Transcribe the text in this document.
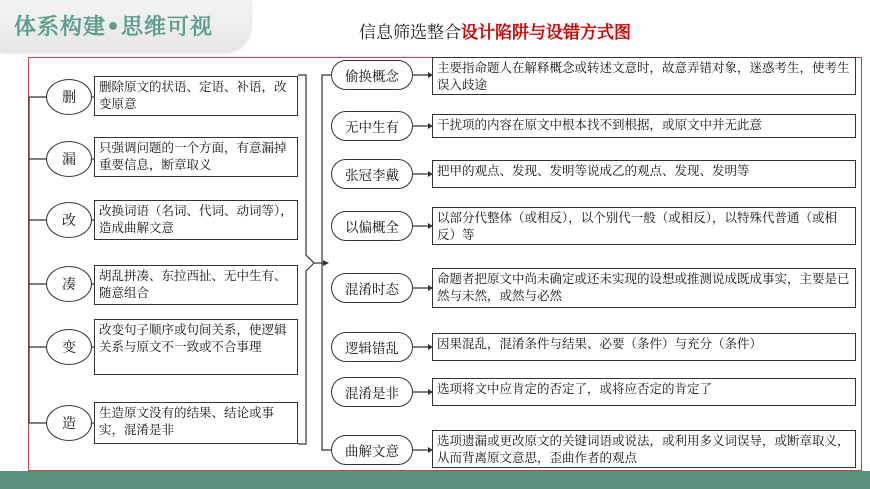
体系构建•思维可视	信息筛选整合设计陷阱与设错方式图
删
漏
改
凑
变
造
删除原文的状语、定语、补语，改变原意
只强调问题的一个方面，有意漏掉重要信息，断章取义
改换词语（名词、代词、动词等），造成曲解文意
胡乱拼凑、东拉西扯、无中生有、随意组合
改变句子顺序或句间关系，使逻辑关系与原文不一致或不合事理
生造原文没有的结果、结论或事实，混淆是非
偷换概念
无中生有
张冠李戴
以偏概全
混淆时态
逻辑错乱
混淆是非
曲解文意
主要指命题人在解释概念或转述文意时，故意弄错对象，迷惑考生，使考生误入歧途
干扰项的内容在原文中根本找不到根据，或原文中并无此意
把甲的观点、发现、发明等说成乙的观点、发现、发明等
以部分代整体（或相反），以个别代一般（或相反），以特殊代普通（或相反）等
命题者把原文中尚未确定或还未实现的设想或推测说成既成事实，主要是已然与未然，或然与必然
因果混乱，混淆条件与结果、必要（条件）与充分（条件）
选项将文中应肯定的否定了，或将应否定的肯定了
选项遗漏或更改原文的关键词语或说法，或利用多义词误导，或断章取义，从而背离原文意思，歪曲作者的观点
